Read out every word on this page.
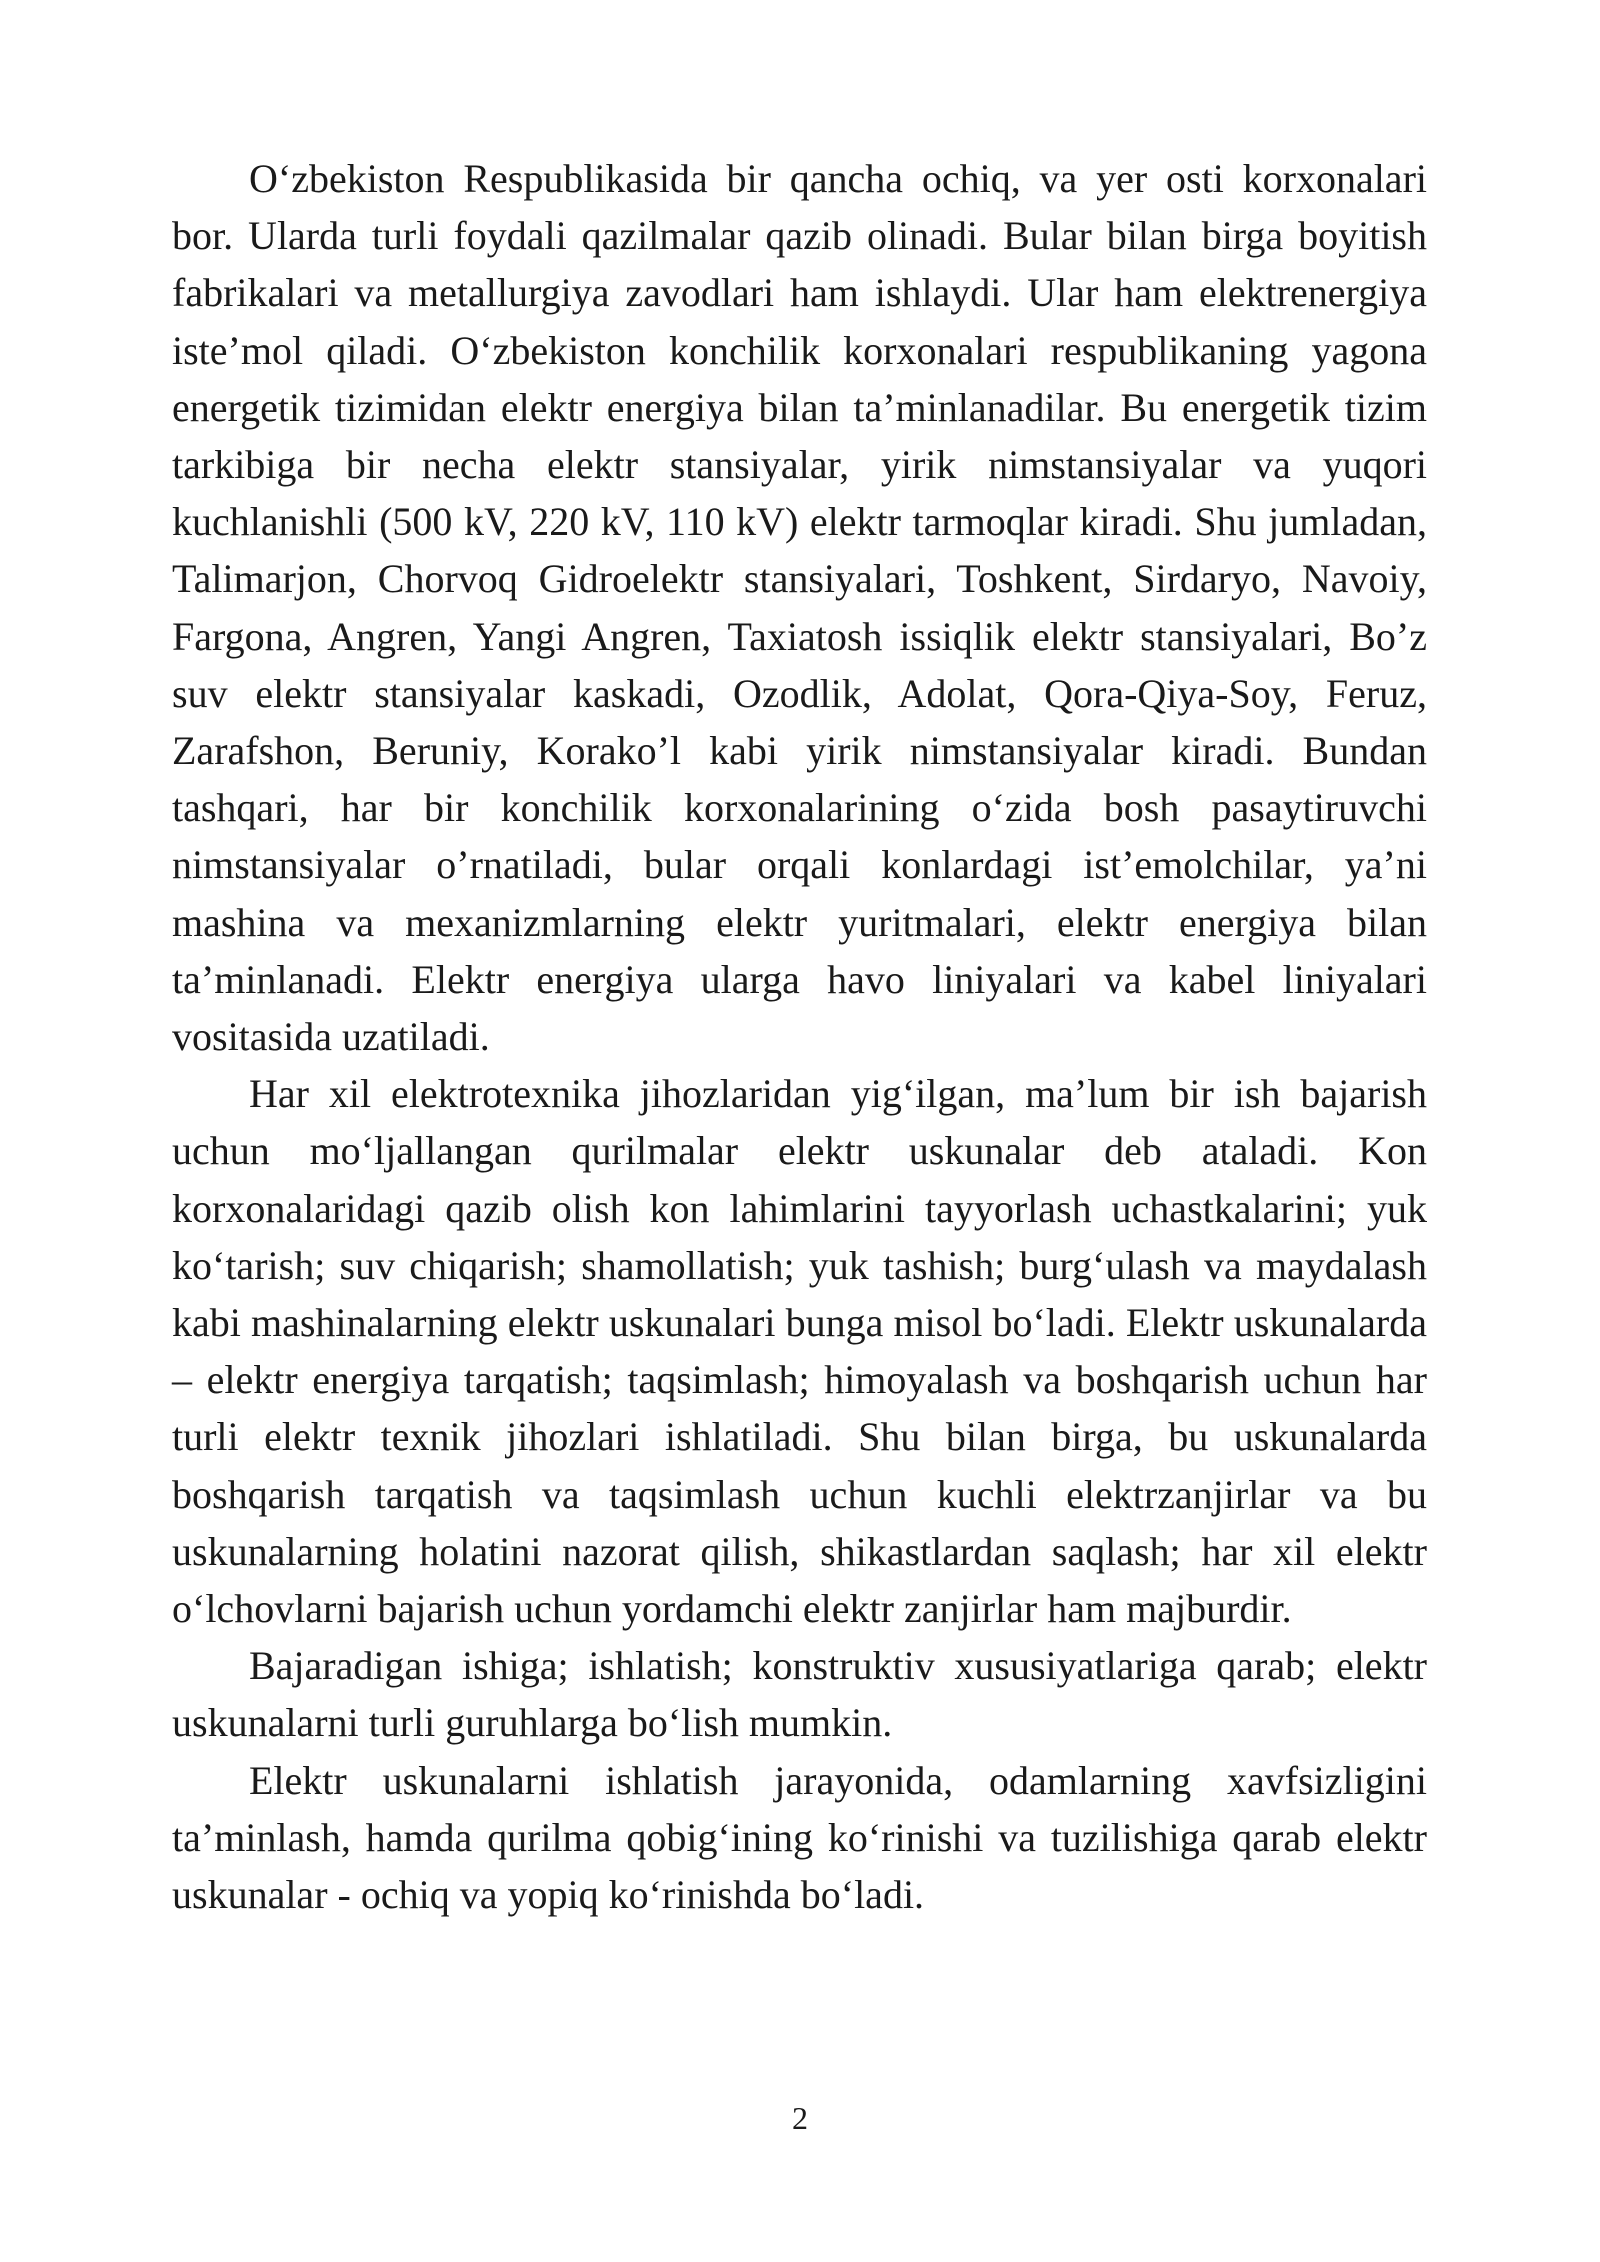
O‘zbekiston Respublikasida bir qancha ochiq, va yer osti korxonalari bor. Ularda turli foydali qazilmalar qazib olinadi. Bular bilan birga boyitish fabrikalari va metallurgiya zavodlari ham ishlaydi. Ular ham elektrenergiya iste’mol qiladi. O‘zbekiston konchilik korxonalari respublikaning yagona energetik tizimidan elektr energiya bilan ta’minlanadilar. Bu energetik tizim tarkibiga bir necha elektr stansiyalar, yirik nimstansiyalar va yuqori kuchlanishli (500 kV, 220 kV, 110 kV) elektr tarmoqlar kiradi. Shu jumladan, Talimarjon, Chorvoq Gidroelektr stansiyalari, Toshkent, Sirdaryo, Navoiy, Fargona, Angren, Yangi Angren, Taxiatosh issiqlik elektr stansiyalari, Bo’z suv elektr stansiyalar kaskadi, Ozodlik, Adolat, Qora-Qiya-Soy, Feruz, Zarafshon, Beruniy, Korako’l kabi yirik nimstansiyalar kiradi. Bundan tashqari, har bir konchilik korxonalarining o‘zida bosh pasaytiruvchi nimstansiyalar o’rnatiladi, bular orqali konlardagi ist’emolchilar, ya’ni mashina va mexanizmlarning elektr yuritmalari, elektr energiya bilan ta’minlanadi. Elektr energiya ularga havo liniyalari va kabel liniyalari vositasida uzatiladi.

Har xil elektrotexnika jihozlaridan yig‘ilgan, ma’lum bir ish bajarish uchun mo‘ljallangan qurilmalar elektr uskunalar deb ataladi. Kon korxonalaridagi qazib olish kon lahimlarini tayyorlash uchastkalarini; yuk ko‘tarish; suv chiqarish; shamollatish; yuk tashish; burg‘ulash va maydalash kabi mashinalarning elektr uskunalari bunga misol bo‘ladi. Elektr uskunalarda – elektr energiya tarqatish; taqsimlash; himoyalash va boshqarish uchun har turli elektr texnik jihozlari ishlatiladi. Shu bilan birga, bu uskunalarda boshqarish tarqatish va taqsimlash uchun kuchli elektrzanjirlar va bu uskunalarning holatini nazorat qilish, shikastlardan saqlash; har xil elektr o‘lchovlarni bajarish uchun yordamchi elektr zanjirlar ham majburdir.

Bajaradigan ishiga; ishlatish; konstruktiv xususiyatlariga qarab; elektr uskunalarni turli guruhlarga bo‘lish mumkin.

Elektr uskunalarni ishlatish jarayonida, odamlarning xavfsizligini ta’minlash, hamda qurilma qobig‘ining ko‘rinishi va tuzilishiga qarab elektr uskunalar - ochiq va yopiq ko‘rinishda bo‘ladi.

2
